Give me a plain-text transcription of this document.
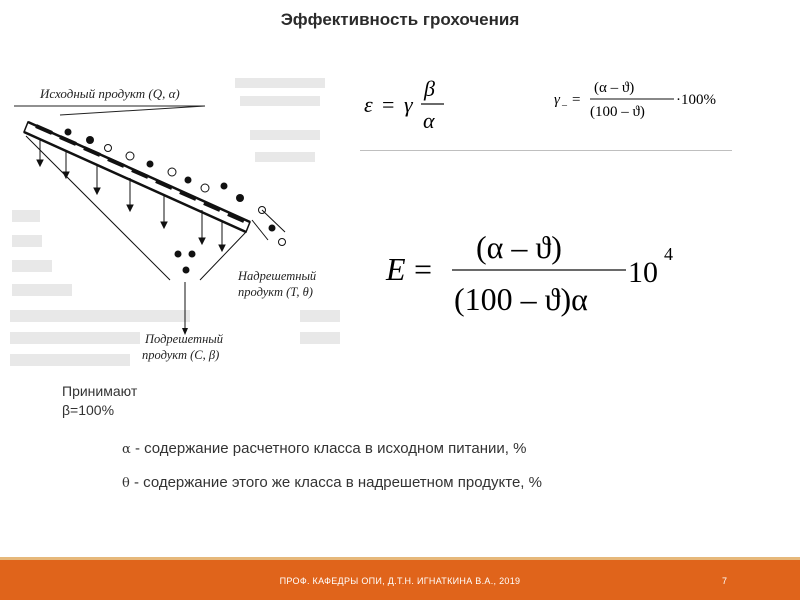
Эффективность грохочения
Исходный продукт (Q, α)
Надрешетный
продукт (T, θ)
Подрешетный
продукт (C, β)
ε = γ
β
α
γ – =
(α – ϑ)
(100 – ϑ)
·100%
E =
(α – ϑ)
(100 – ϑ)α
10
4
Принимают
β=100%
α - содержание расчетного класса в исходном питании, %
θ - содержание этого же класса в надрешетном продукте, %
ПРОФ. КАФЕДРЫ ОПИ, Д.Т.Н. ИГНАТКИНА В.А., 2019	7
